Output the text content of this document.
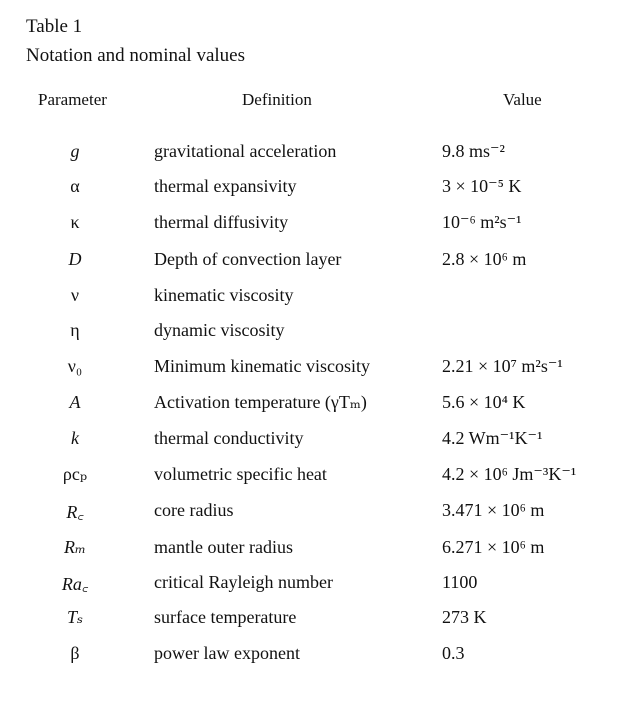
Table 1
Notation and nominal values
Parameter	Definition	Value
g	gravitational acceleration	9.8 ms⁻²
α	thermal expansivity	3 × 10⁻⁵ K
κ	thermal diffusivity	10⁻⁶ m²s⁻¹
D	Depth of convection layer	2.8 × 10⁶ m
ν	kinematic viscosity
η	dynamic viscosity
ν₀	Minimum kinematic viscosity	2.21 × 10⁷ m²s⁻¹
A	Activation temperature (γTₘ)	5.6 × 10⁴ K
k	thermal conductivity	4.2 Wm⁻¹K⁻¹
ρcₚ	volumetric specific heat	4.2 × 10⁶ Jm⁻³K⁻¹
R꜀	core radius	3.471 × 10⁶ m
Rₘ	mantle outer radius	6.271 × 10⁶ m
Ra꜀	critical Rayleigh number	1100
Tₛ	surface temperature	273 K
β	power law exponent	0.3
